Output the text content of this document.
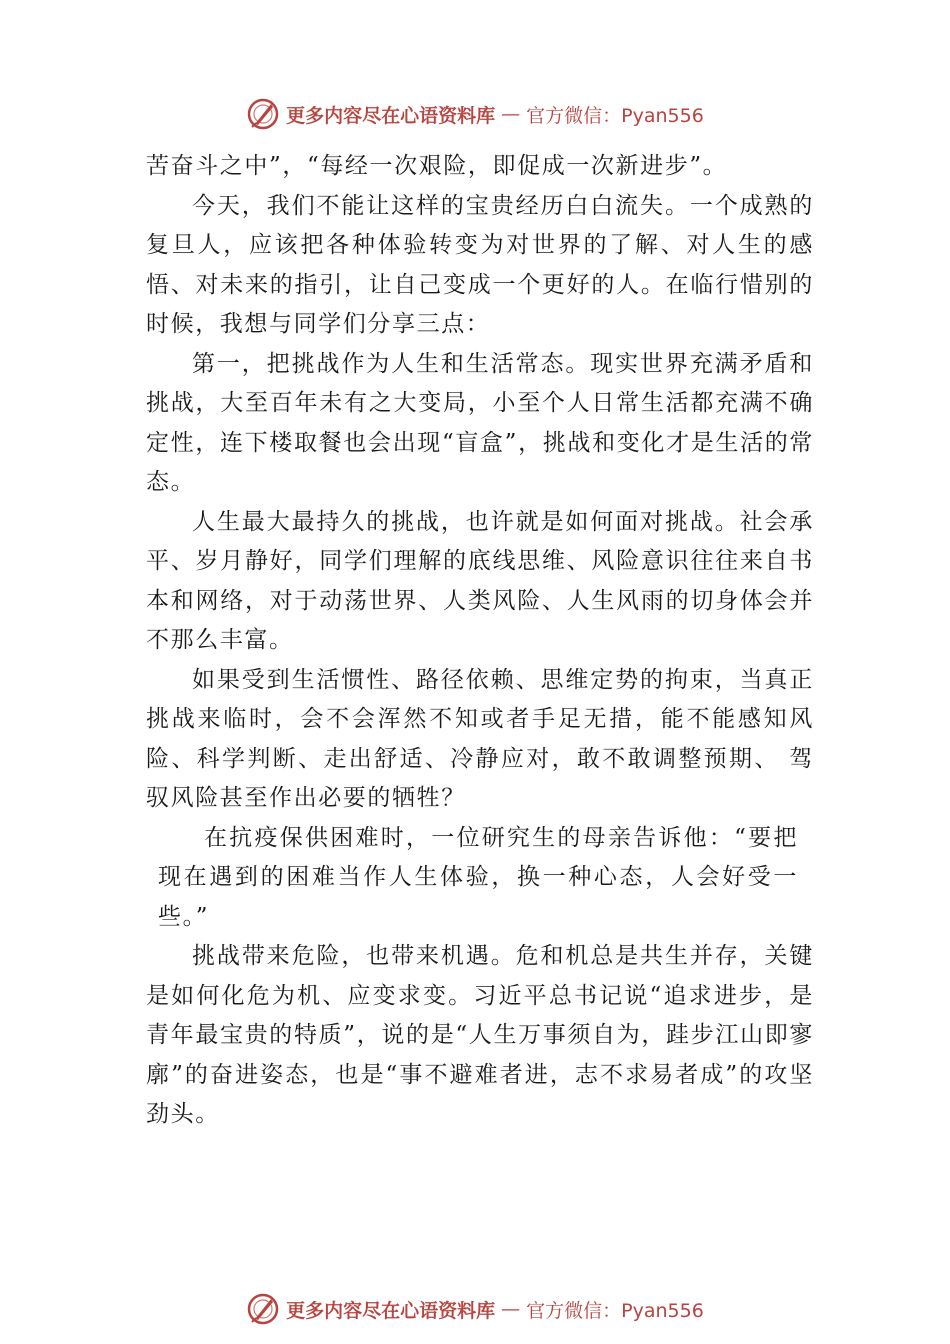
更多内容尽在心语资料库 — 官方微信：Pyan556

苦奋斗之中”，“每经一次艰险，即促成一次新进步”。

今天，我们不能让这样的宝贵经历白白流失。一个成熟的复旦人，应该把各种体验转变为对世界的了解、对人生的感悟、对未来的指引，让自己变成一个更好的人。在临行惜别的时候，我想与同学们分享三点：

第一，把挑战作为人生和生活常态。现实世界充满矛盾和挑战，大至百年未有之大变局，小至个人日常生活都充满不确定性，连下楼取餐也会出现“盲盒”，挑战和变化才是生活的常态。

人生最大最持久的挑战，也许就是如何面对挑战。社会承平、岁月静好，同学们理解的底线思维、风险意识往往来自书本和网络，对于动荡世界、人类风险、人生风雨的切身体会并不那么丰富。

如果受到生活惯性、路径依赖、思维定势的拘束，当真正挑战来临时，会不会浑然不知或者手足无措，能不能感知风险、科学判断、走出舒适、冷静应对，敢不敢调整预期、 驾驭风险甚至作出必要的牺牲？

在抗疫保供困难时，一位研究生的母亲告诉他：“要把现在遇到的困难当作人生体验，换一种心态，人会好受一些。”

挑战带来危险，也带来机遇。危和机总是共生并存，关键是如何化危为机、应变求变。习近平总书记说“追求进步，是青年最宝贵的特质”，说的是“人生万事须自为，跬步江山即寥廓”的奋进姿态，也是“事不避难者进，志不求易者成”的攻坚劲头。

更多内容尽在心语资料库 — 官方微信：Pyan556
